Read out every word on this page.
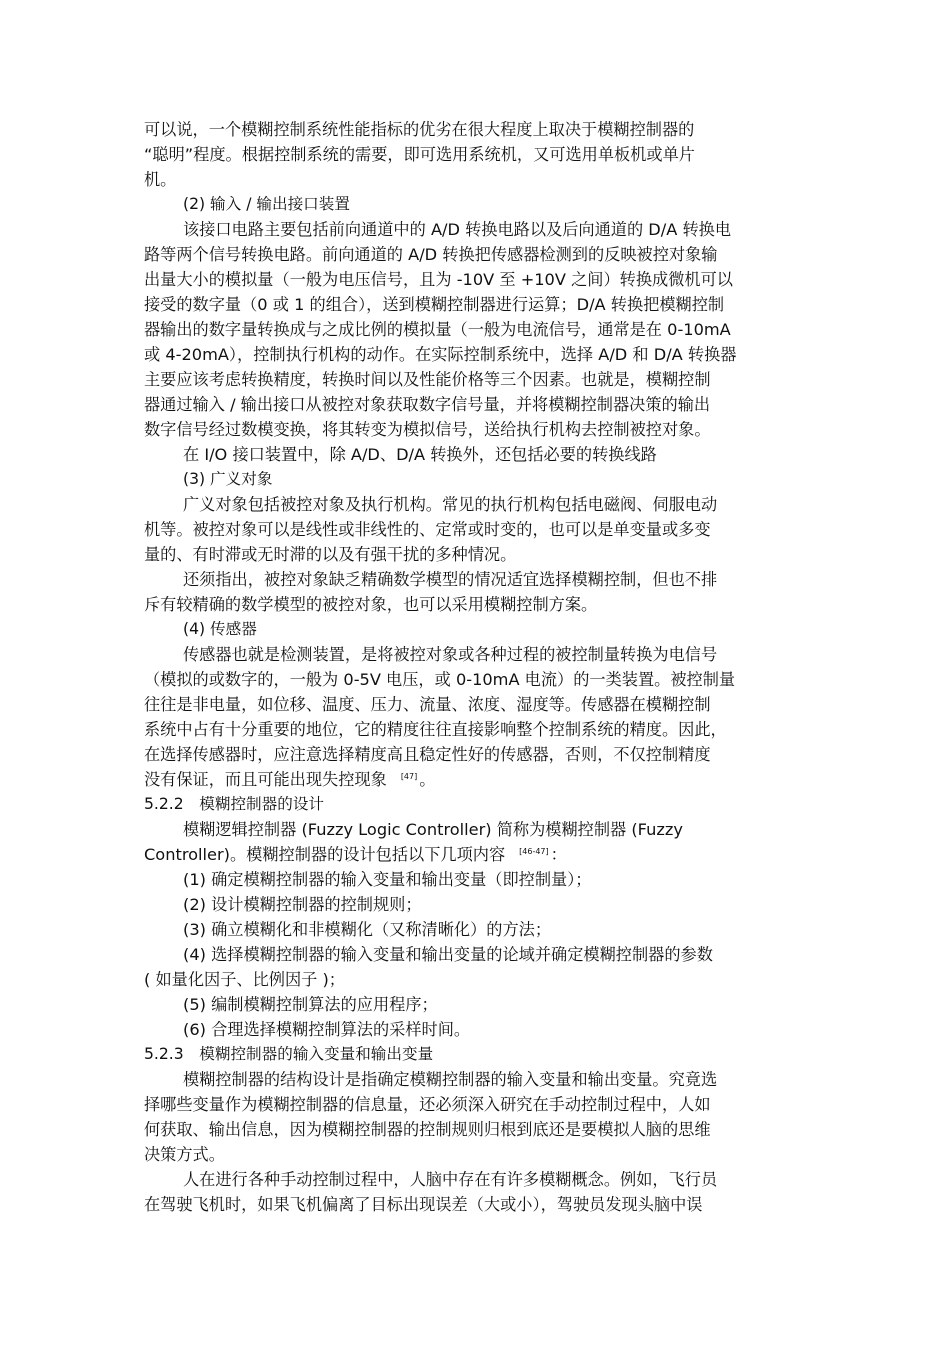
可以说，一个模糊控制系统性能指标的优劣在很大程度上取决于模糊控制器的

“聪明”程度。根据控制系统的需要，即可选用系统机，又可选用单板机或单片

机。

(2) 输入 / 输出接口装置

该接口电路主要包括前向通道中的 A/D 转换电路以及后向通道的 D/A 转换电

路等两个信号转换电路。前向通道的 A/D 转换把传感器检测到的反映被控对象输

出量大小的模拟量（一般为电压信号，且为 -10V 至 +10V 之间）转换成微机可以

接受的数字量（0 或 1 的组合），送到模糊控制器进行运算；D/A 转换把模糊控制

器输出的数字量转换成与之成比例的模拟量（一般为电流信号，通常是在 0-10mA

或 4-20mA），控制执行机构的动作。在实际控制系统中，选择 A/D 和 D/A 转换器

主要应该考虑转换精度，转换时间以及性能价格等三个因素。也就是，模糊控制

器通过输入 / 输出接口从被控对象获取数字信号量，并将模糊控制器决策的输出

数字信号经过数模变换，将其转变为模拟信号，送给执行机构去控制被控对象。

在 I/O 接口装置中，除 A/D、D/A 转换外，还包括必要的转换线路

(3) 广义对象

广义对象包括被控对象及执行机构。常见的执行机构包括电磁阀、伺服电动

机等。被控对象可以是线性或非线性的、定常或时变的，也可以是单变量或多变

量的、有时滞或无时滞的以及有强干扰的多种情况。

还须指出，被控对象缺乏精确数学模型的情况适宜选择模糊控制，但也不排

斥有较精确的数学模型的被控对象，也可以采用模糊控制方案。

(4) 传感器

传感器也就是检测装置，是将被控对象或各种过程的被控制量转换为电信号

（模拟的或数字的，一般为 0-5V 电压，或 0-10mA 电流）的一类装置。被控制量

往往是非电量，如位移、温度、压力、流量、浓度、湿度等。传感器在模糊控制

系统中占有十分重要的地位，它的精度往往直接影响整个控制系统的精度。因此，

在选择传感器时，应注意选择精度高且稳定性好的传感器，否则，不仅控制精度

没有保证，而且可能出现失控现象 [47] 。

5.2.2　模糊控制器的设计

模糊逻辑控制器 (Fuzzy Logic Controller) 简称为模糊控制器 (Fuzzy

Controller)。模糊控制器的设计包括以下几项内容 [46-47] ：

(1) 确定模糊控制器的输入变量和输出变量（即控制量）；

(2) 设计模糊控制器的控制规则；

(3) 确立模糊化和非模糊化（又称清晰化）的方法；

(4) 选择模糊控制器的输入变量和输出变量的论域并确定模糊控制器的参数

( 如量化因子、比例因子 )；

(5) 编制模糊控制算法的应用程序；

(6) 合理选择模糊控制算法的采样时间。

5.2.3　模糊控制器的输入变量和输出变量

模糊控制器的结构设计是指确定模糊控制器的输入变量和输出变量。究竟选

择哪些变量作为模糊控制器的信息量，还必须深入研究在手动控制过程中，人如

何获取、输出信息，因为模糊控制器的控制规则归根到底还是要模拟人脑的思维

决策方式。

人在进行各种手动控制过程中，人脑中存在有许多模糊概念。例如，飞行员

在驾驶飞机时，如果飞机偏离了目标出现误差（大或小），驾驶员发现头脑中误
